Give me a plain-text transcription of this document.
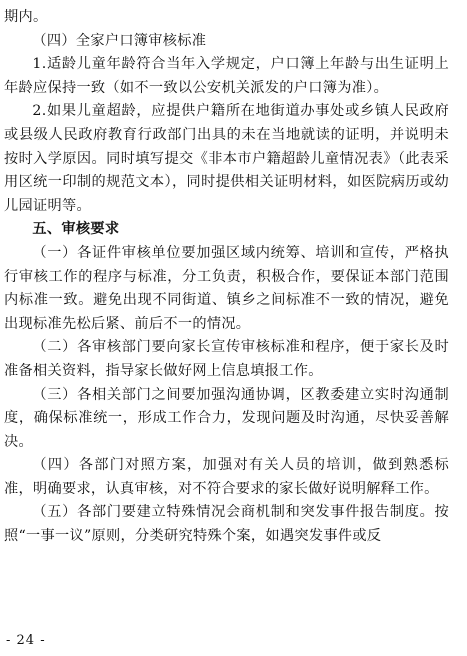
期内。

（四）全家户口簿审核标准

1.适龄儿童年龄符合当年入学规定，户口簿上年龄与出生证明上年龄应保持一致（如不一致以公安机关派发的户口簿为准）。

2.如果儿童超龄，应提供户籍所在地街道办事处或乡镇人民政府或县级人民政府教育行政部门出具的未在当地就读的证明，并说明未按时入学原因。同时填写提交《非本市户籍超龄儿童情况表》（此表采用区统一印制的规范文本），同时提供相关证明材料，如医院病历或幼儿园证明等。

五、审核要求

（一）各证件审核单位要加强区域内统筹、培训和宣传，严格执行审核工作的程序与标准，分工负责，积极合作，要保证本部门范围内标准一致。避免出现不同街道、镇乡之间标准不一致的情况，避免出现标准先松后紧、前后不一的情况。

（二）各审核部门要向家长宣传审核标准和程序，便于家长及时准备相关资料，指导家长做好网上信息填报工作。

（三）各相关部门之间要加强沟通协调，区教委建立实时沟通制度，确保标准统一，形成工作合力，发现问题及时沟通，尽快妥善解决。

（四）各部门对照方案，加强对有关人员的培训，做到熟悉标准，明确要求，认真审核，对不符合要求的家长做好说明解释工作。

（五）各部门要建立特殊情况会商机制和突发事件报告制度。按照“一事一议”原则，分类研究特殊个案，如遇突发事件或反

- 24 -
